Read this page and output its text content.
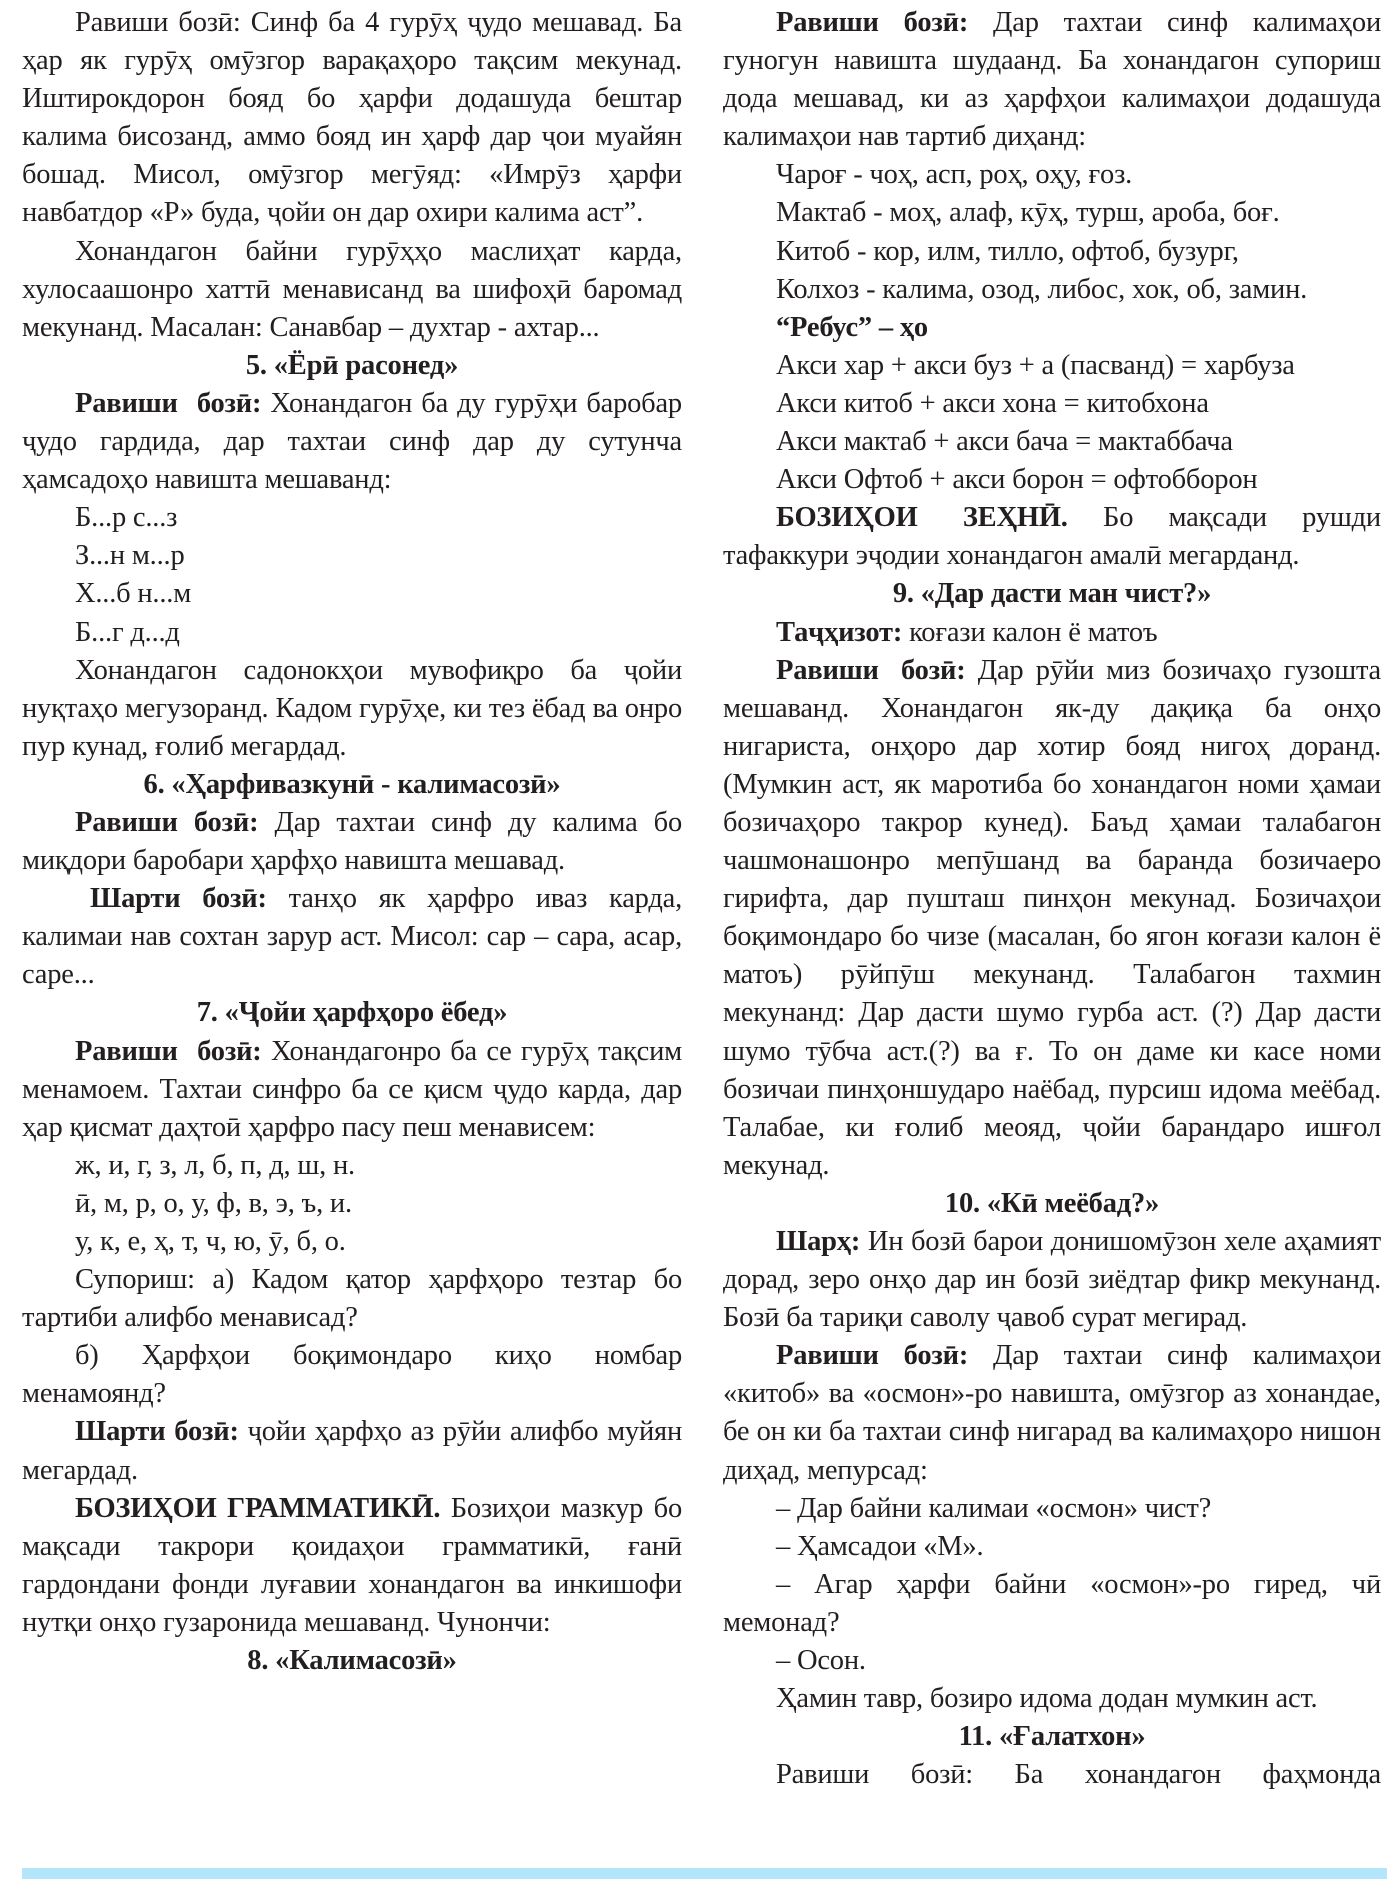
Равиши бозӣ: Синф ба 4 гурӯҳ ҷудо мешавад. Ба ҳар як гурӯҳ омӯзгор варақаҳоро тақсим мекунад. Иштирокдорон бояд бо ҳарфи додашуда бештар калима бисозанд, аммо бояд ин ҳарф дар ҷои муайян бошад. Мисол, омӯзгор мегӯяд: «Имрӯз ҳарфи навбатдор «Р» буда, ҷойи он дар охири калима аст”.

Хонандагон байни гурӯҳҳо маслиҳат карда, хулосаашонро хаттӣ менависанд ва шифоҳӣ баромад мекунанд. Масалан: Санавбар – духтар - ахтар...

5. «Ёрӣ расонед»

Равиши бозӣ: Хонандагон ба ду гурӯҳи баробар ҷудо гардида, дар тахтаи синф дар ду сутунча ҳамсадоҳо навишта мешаванд:

Б...р с...з

З...н м...р

Х...б н...м

Б...г д...д

Хонандагон садонокҳои мувофиқро ба ҷойи нуқтаҳо мегузоранд. Кадом гурӯҳе, ки тез ёбад ва онро пур кунад, ғолиб мегардад.

6. «Ҳарфивазкунӣ - калимасозӣ»

Равиши бозӣ: Дар тахтаи синф ду калима бо миқдори баробари ҳарфҳо навишта мешавад.

Шарти бозӣ: танҳо як ҳарфро иваз карда, калимаи нав сохтан зарур аст. Мисол: сар – сара, асар, саре...

7. «Ҷойи ҳарфҳоро ёбед»

Равиши бозӣ: Хонандагонро ба се гурӯҳ тақсим менамоем. Тахтаи синфро ба се қисм ҷудо карда, дар ҳар қисмат даҳтоӣ ҳарфро пасу пеш менависем:

ж, и, г, з, л, б, п, д, ш, н.

ӣ, м, р, о, у, ф, в, э, ъ, и.

у, к, е, ҳ, т, ч, ю, ӯ, б, о.

Супориш: а) Кадом қатор ҳарфҳоро тезтар бо тартиби алифбо менависад?

б) Ҳарфҳои боқимондаро киҳо номбар менамоянд?

Шарти бозӣ: ҷойи ҳарфҳо аз рӯйи алифбо муйян мегардад.

БОЗИҲОИ ГРАММАТИКӢ. Бозиҳои мазкур бо мақсади такрори қоидаҳои грамматикӣ, ғанӣ гардондани фонди луғавии хонандагон ва инкишофи нутқи онҳо гузаронида мешаванд. Чунончи:

8. «Калимасозӣ»

Равиши бозӣ: Дар тахтаи синф калимаҳои гуногун навишта шудаанд. Ба хонандагон супориш дода мешавад, ки аз ҳарфҳои калимаҳои додашуда калимаҳои нав тартиб диҳанд:

Чароғ - чоҳ, асп, роҳ, оҳу, ғоз.

Мактаб - моҳ, алаф, кӯҳ, турш, ароба, боғ.

Китоб - кор, илм, тилло, офтоб, бузург,

Колхоз - калима, озод, либос, хок, об, замин.

“Ребус” – ҳо

Акси хар + акси буз + а (пасванд) = харбуза

Акси китоб + акси хона = китобхона

Акси мактаб + акси бача = мактаббача

Акси Офтоб + акси борон = офтобборон

БОЗИҲОИ ЗЕҲНӢ. Бо мақсади рушди тафаккури эҷодии хонандагон амалӣ мегарданд.

9. «Дар дасти ман чист?»

Таҷҳизот: коғази калон ё матоъ

Равиши бозӣ: Дар рӯйи миз бозичаҳо гузошта мешаванд. Хонандагон як-ду дақиқа ба онҳо нигариста, онҳоро дар хотир бояд нигоҳ доранд. (Мумкин аст, як маротиба бо хонандагон номи ҳамаи бозичаҳоро такрор кунед). Баъд ҳамаи талабагон чашмонашонро мепӯшанд ва баранда бозичаеро гирифта, дар пушташ пинҳон мекунад. Бозичаҳои боқимондаро бо чизе (масалан, бо ягон коғази калон ё матоъ) рӯйпӯш мекунанд. Талабагон тахмин мекунанд: Дар дасти шумо гурба аст. (?) Дар дасти шумо тӯбча аст.(?) ва ғ. То он даме ки касе номи бозичаи пинҳоншударо наёбад, пурсиш идома меёбад. Талабае, ки ғолиб меояд, ҷойи барандаро ишғол мекунад.

10. «Кӣ меёбад?»

Шарҳ: Ин бозӣ барои донишомӯзон хеле аҳамият дорад, зеро онҳо дар ин бозӣ зиёдтар фикр мекунанд. Бозӣ ба тариқи саволу ҷавоб сурат мегирад.

Равиши бозӣ: Дар тахтаи синф калимаҳои «китоб» ва «осмон»-ро навишта, омӯзгор аз хонандае, бе он ки ба тахтаи синф нигарад ва калимаҳоро нишон диҳад, мепурсад:

– Дар байни калимаи «осмон» чист?

– Ҳамсадои «М».

– Агар ҳарфи байни «осмон»-ро гиред, чӣ мемонад?

– Осон.

Ҳамин тавр, бозиро идома додан мумкин аст.

11. «Ғалатхон»

Равиши бозӣ: Ба хонандагон фаҳмонда
